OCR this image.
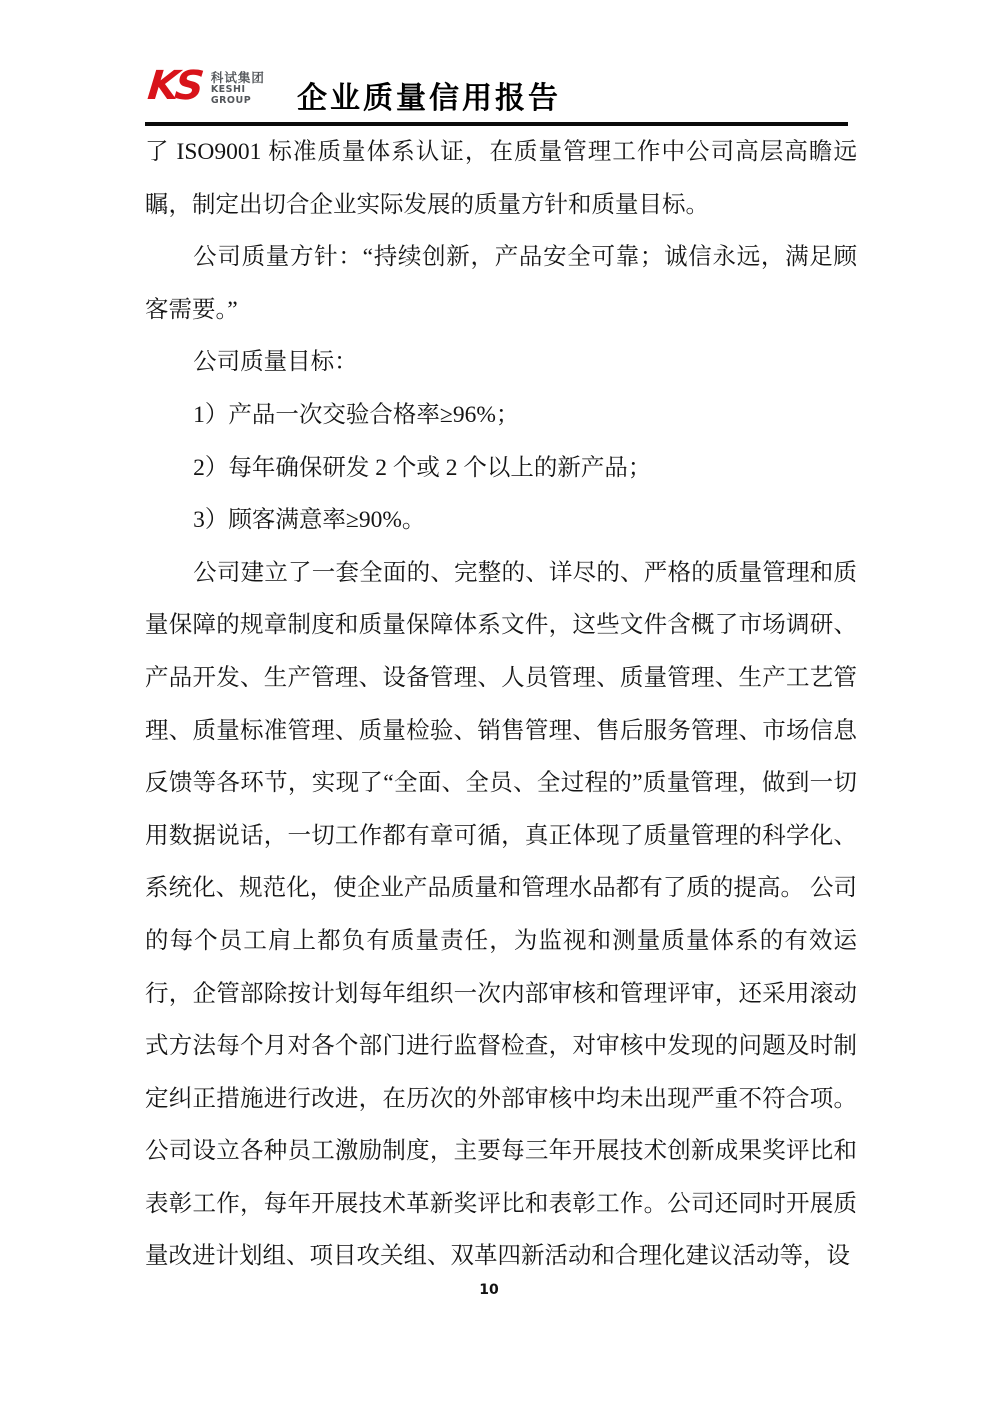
KS 科试集团
KESHI
GROUP	企业质量信用报告

了 ISO9001 标准质量体系认证，在质量管理工作中公司高层高瞻远瞩，制定出切合企业实际发展的质量方针和质量目标。

公司质量方针：“持续创新，产品安全可靠；诚信永远，满足顾客需要。”

公司质量目标：

1）产品一次交验合格率≥96%；

2）每年确保研发 2 个或 2 个以上的新产品；

3）顾客满意率≥90%。

公司建立了一套全面的、完整的、详尽的、严格的质量管理和质量保障的规章制度和质量保障体系文件，这些文件含概了市场调研、产品开发、生产管理、设备管理、人员管理、质量管理、生产工艺管理、质量标准管理、质量检验、销售管理、售后服务管理、市场信息反馈等各环节，实现了“全面、全员、全过程的”质量管理，做到一切用数据说话，一切工作都有章可循，真正体现了质量管理的科学化、系统化、规范化，使企业产品质量和管理水品都有了质的提高。 公司的每个员工肩上都负有质量责任，为监视和测量质量体系的有效运行，企管部除按计划每年组织一次内部审核和管理评审，还采用滚动式方法每个月对各个部门进行监督检查，对审核中发现的问题及时制定纠正措施进行改进，在历次的外部审核中均未出现严重不符合项。公司设立各种员工激励制度，主要每三年开展技术创新成果奖评比和表彰工作，每年开展技术革新奖评比和表彰工作。公司还同时开展质量改进计划组、项目攻关组、双革四新活动和合理化建议活动等，设

10
